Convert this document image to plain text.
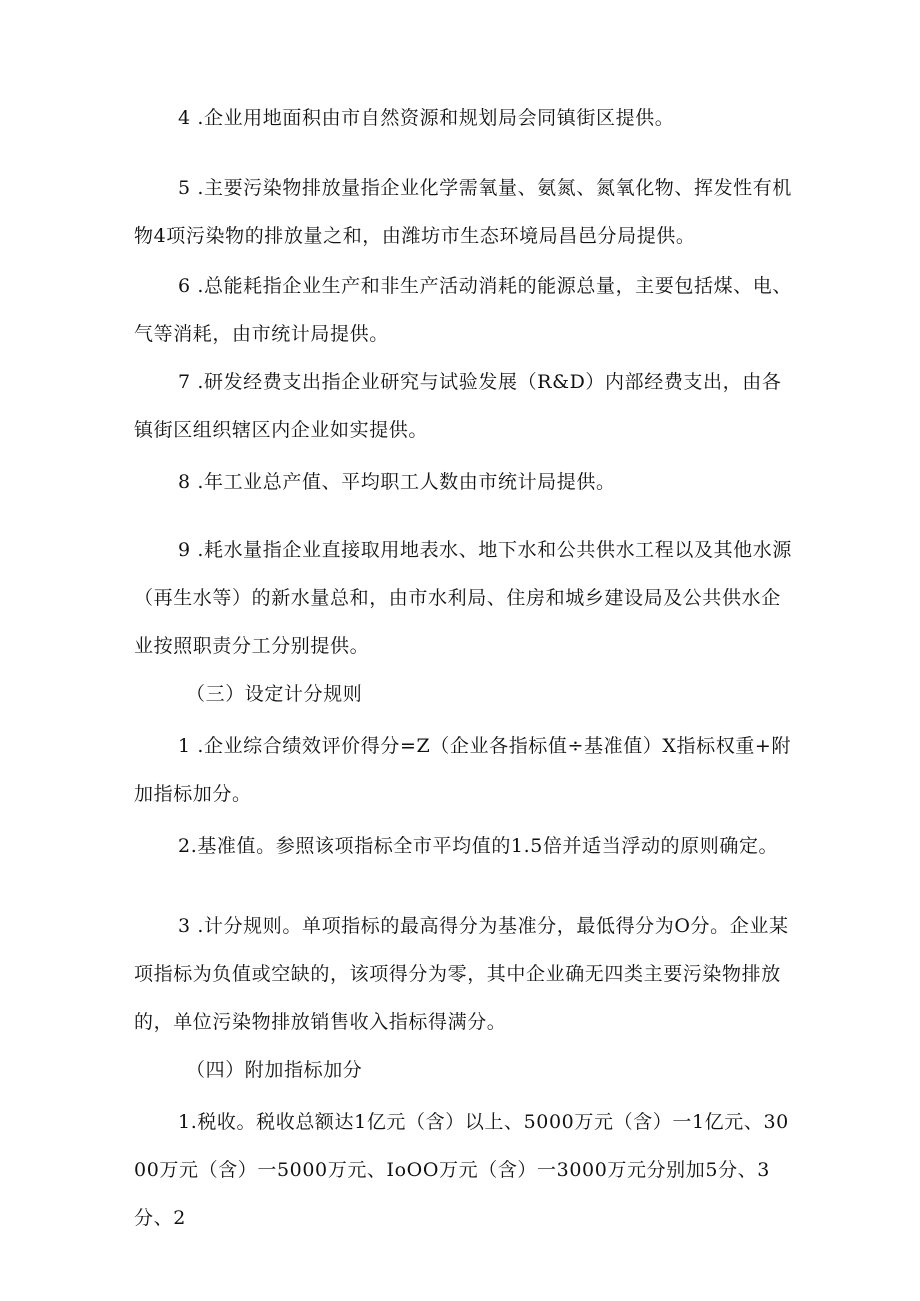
4 .企业用地面积由市自然资源和规划局会同镇街区提供。

5 .主要污染物排放量指企业化学需氧量、氨氮、氮氧化物、挥发性有机物4项污染物的排放量之和，由潍坊市生态环境局昌邑分局提供。

6 .总能耗指企业生产和非生产活动消耗的能源总量，主要包括煤、电、气等消耗，由市统计局提供。

7 .研发经费支出指企业研究与试验发展（R&D）内部经费支出，由各镇街区组织辖区内企业如实提供。

8 .年工业总产值、平均职工人数由市统计局提供。

9 .耗水量指企业直接取用地表水、地下水和公共供水工程以及其他水源（再生水等）的新水量总和，由市水利局、住房和城乡建设局及公共供水企业按照职责分工分别提供。

（三）设定计分规则

1 .企业综合绩效评价得分=Z（企业各指标值÷基准值）X指标权重+附加指标加分。

2.基准值。参照该项指标全市平均值的1.5倍并适当浮动的原则确定。

3 .计分规则。单项指标的最高得分为基准分，最低得分为O分。企业某项指标为负值或空缺的，该项得分为零，其中企业确无四类主要污染物排放的，单位污染物排放销售收入指标得满分。

（四）附加指标加分

1.税收。税收总额达1亿元（含）以上、5000万元（含）一1亿元、3000万元（含）一5000万元、IoOO万元（含）一3000万元分别加5分、3分、2
